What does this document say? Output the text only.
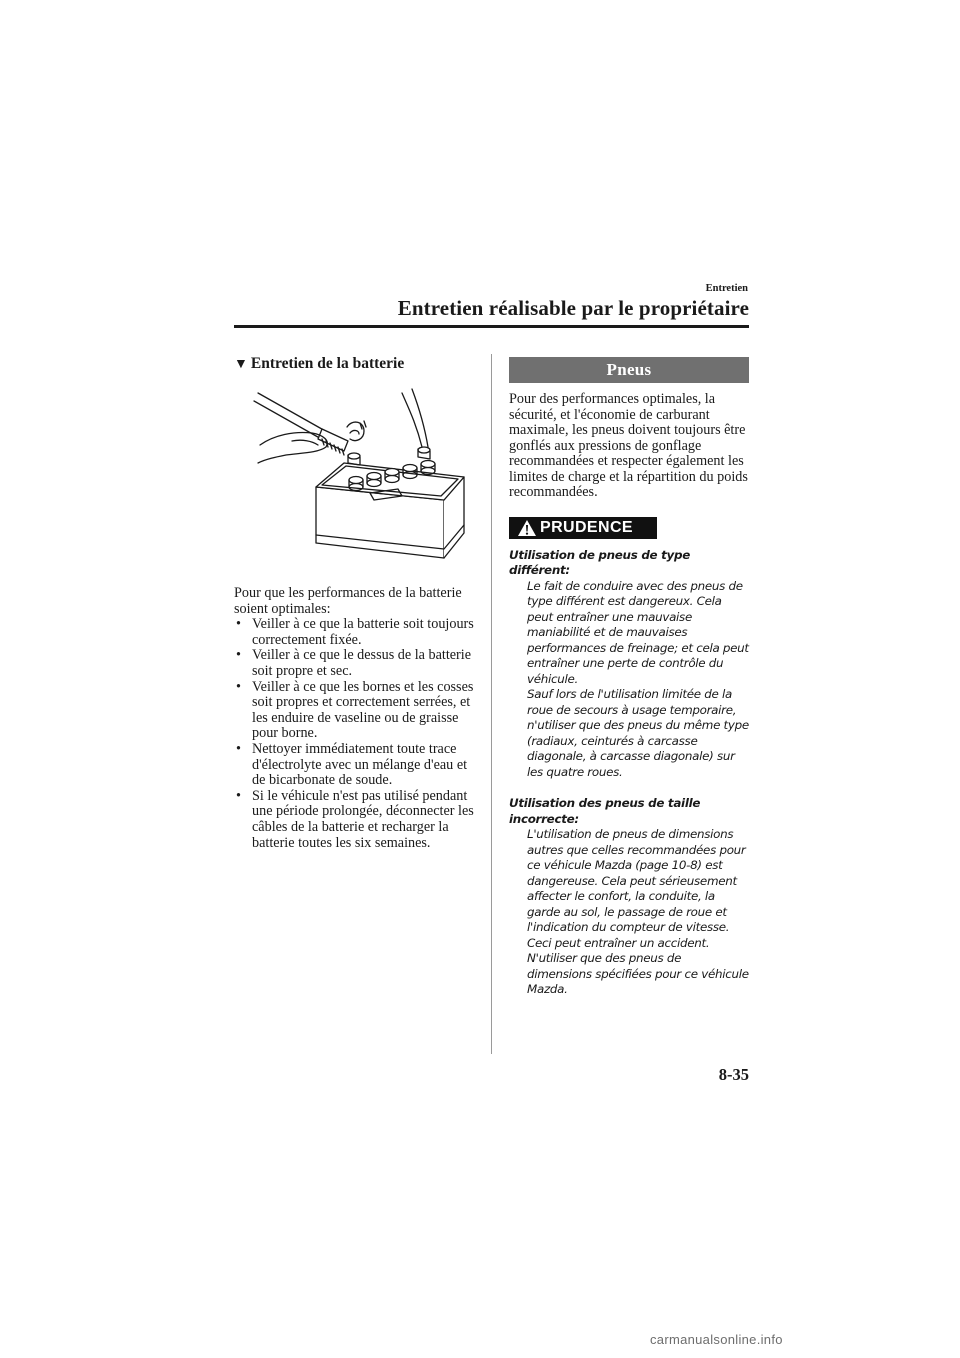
Entretien
Entretien réalisable par le propriétaire
▼ Entretien de la batterie
Pour que les performances de la batterie soient optimales:
• Veiller à ce que la batterie soit toujours correctement fixée.
• Veiller à ce que le dessus de la batterie soit propre et sec.
• Veiller à ce que les bornes et les cosses soit propres et correctement serrées, et les enduire de vaseline ou de graisse pour borne.
• Nettoyer immédiatement toute trace d'électrolyte avec un mélange d'eau et de bicarbonate de soude.
• Si le véhicule n'est pas utilisé pendant une période prolongée, déconnecter les câbles de la batterie et recharger la batterie toutes les six semaines.
Pneus
Pour des performances optimales, la sécurité, et l'économie de carburant maximale, les pneus doivent toujours être gonflés aux pressions de gonflage recommandées et respecter également les limites de charge et la répartition du poids recommandées.
PRUDENCE
Utilisation de pneus de type différent:
Le fait de conduire avec des pneus de type différent est dangereux. Cela peut entraîner une mauvaise maniabilité et de mauvaises performances de freinage; et cela peut entraîner une perte de contrôle du véhicule.
Sauf lors de l'utilisation limitée de la roue de secours à usage temporaire, n'utiliser que des pneus du même type (radiaux, ceinturés à carcasse diagonale, à carcasse diagonale) sur les quatre roues.
Utilisation des pneus de taille incorrecte:
L'utilisation de pneus de dimensions autres que celles recommandées pour ce véhicule Mazda (page 10-8) est dangereuse. Cela peut sérieusement affecter le confort, la conduite, la garde au sol, le passage de roue et l'indication du compteur de vitesse. Ceci peut entraîner un accident.
N'utiliser que des pneus de dimensions spécifiées pour ce véhicule Mazda.
8-35
carmanualsonline.info
